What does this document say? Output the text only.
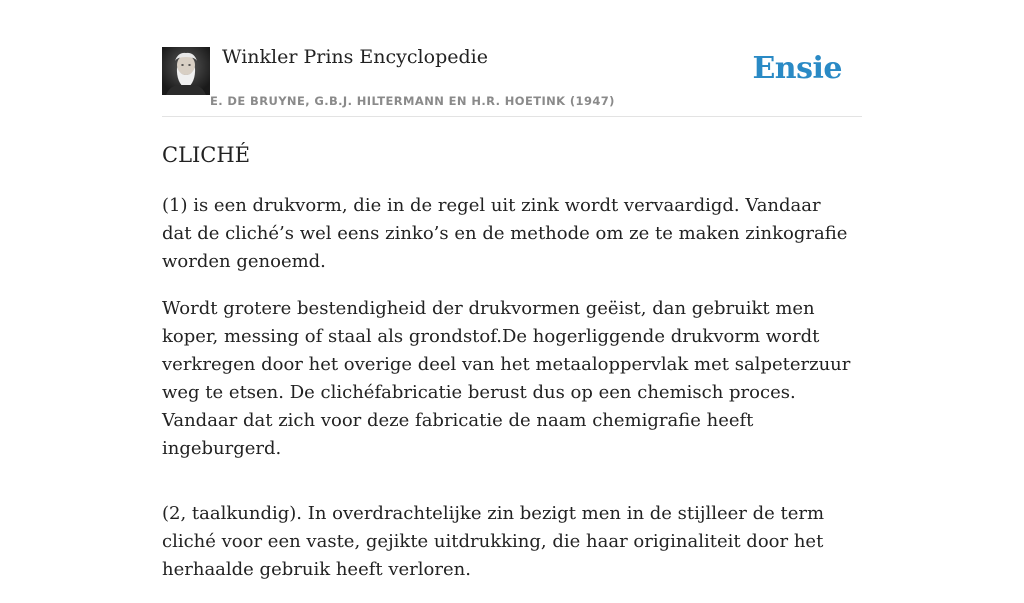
Winkler Prins Encyclopedie
E. DE BRUYNE, G.B.J. HILTERMANN EN H.R. HOETINK (1947)
Ensie
CLICHÉ

(1) is een drukvorm, die in de regel uit zink wordt vervaardigd. Vandaar dat de cliché’s wel eens zinko’s en de methode om ze te maken zinkografie worden genoemd.

Wordt grotere bestendigheid der drukvormen geëist, dan gebruikt men koper, messing of staal als grondstof.De hogerliggende drukvorm wordt verkregen door het overige deel van het metaaloppervlak met salpeterzuur weg te etsen. De clichéfabricatie berust dus op een chemisch proces. Vandaar dat zich voor deze fabricatie de naam chemigrafie heeft ingeburgerd.

(2, taalkundig). In overdrachtelijke zin bezigt men in de stijlleer de term cliché voor een vaste, gejikte uitdrukking, die haar originaliteit door het herhaalde gebruik heeft verloren.
